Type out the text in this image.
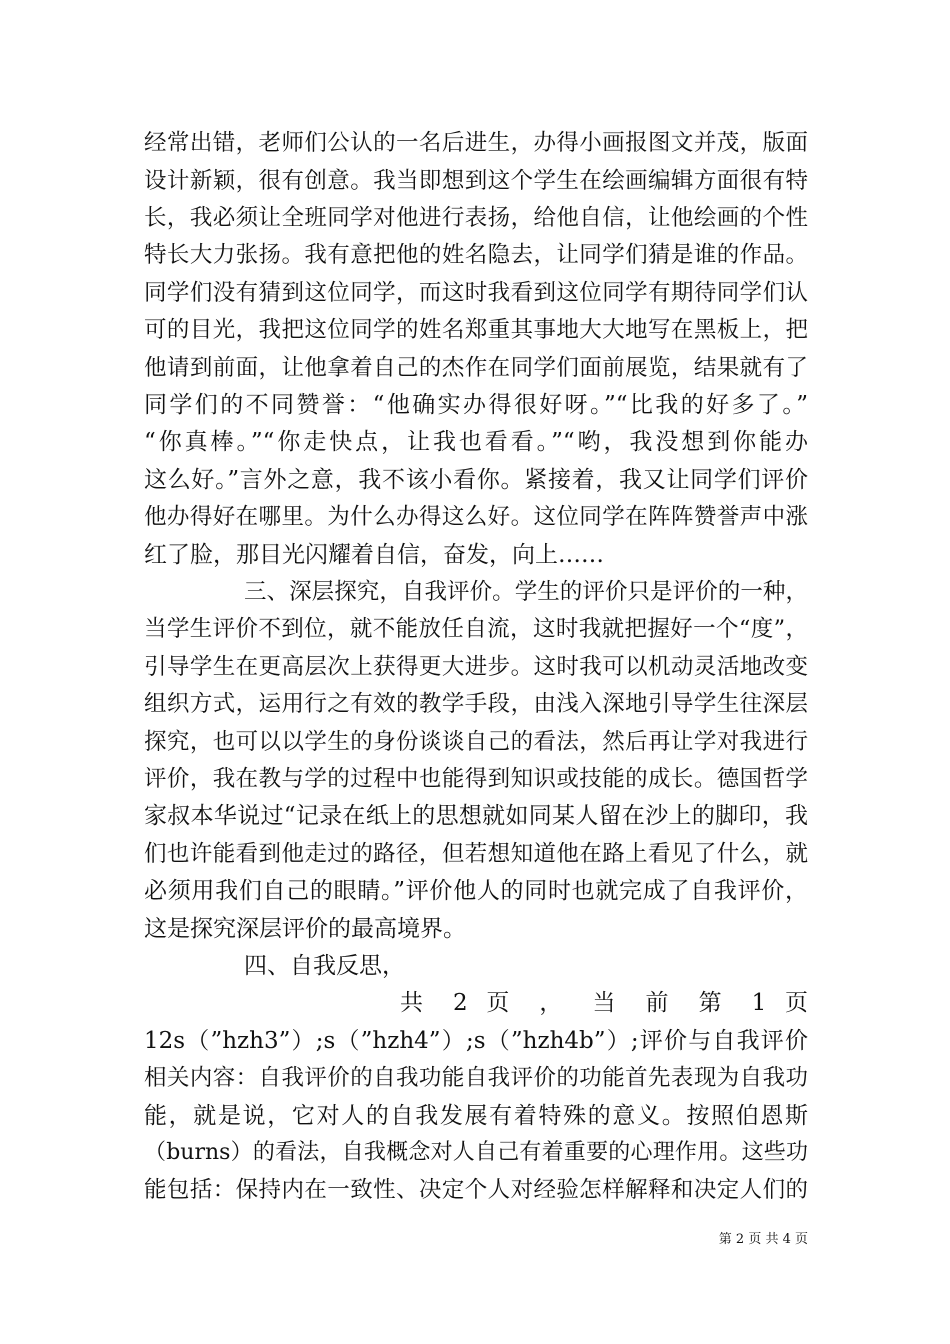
经常出错，老师们公认的一名后进生，办得小画报图文并茂，版面
设计新颖，很有创意。我当即想到这个学生在绘画编辑方面很有特
长，我必须让全班同学对他进行表扬，给他自信，让他绘画的个性
特长大力张扬。我有意把他的姓名隐去，让同学们猜是谁的作品。
同学们没有猜到这位同学，而这时我看到这位同学有期待同学们认
可的目光，我把这位同学的姓名郑重其事地大大地写在黑板上，把
他请到前面，让他拿着自己的杰作在同学们面前展览，结果就有了
同学们的不同赞誉：“他确实办得很好呀。”“比我的好多了。”
“你真棒。”“你走快点，让我也看看。”“哟，我没想到你能办
这么好。”言外之意，我不该小看你。紧接着，我又让同学们评价
他办得好在哪里。为什么办得这么好。这位同学在阵阵赞誉声中涨
红了脸，那目光闪耀着自信，奋发，向上……
三、深层探究，自我评价。学生的评价只是评价的一种，
当学生评价不到位，就不能放任自流，这时我就把握好一个“度”，
引导学生在更高层次上获得更大进步。这时我可以机动灵活地改变
组织方式，运用行之有效的教学手段，由浅入深地引导学生往深层
探究，也可以以学生的身份谈谈自己的看法，然后再让学对我进行
评价，我在教与学的过程中也能得到知识或技能的成长。德国哲学
家叔本华说过“记录在纸上的思想就如同某人留在沙上的脚印，我
们也许能看到他走过的路径，但若想知道他在路上看见了什么，就
必须用我们自己的眼睛。”评价他人的同时也就完成了自我评价，
这是探究深层评价的最高境界。
四、自我反思，
共 2 页 ， 当 前 第 1 页
12s（”hzh3”）;s（”hzh4”）;s（”hzh4b”）;评价与自我评价
相关内容：自我评价的自我功能自我评价的功能首先表现为自我功
能，就是说，它对人的自我发展有着特殊的意义。按照伯恩斯
（burns）的看法，自我概念对人自己有着重要的心理作用。这些功
能包括：保持内在一致性、决定个人对经验怎样解释和决定人们的
第 2 页 共 4 页
